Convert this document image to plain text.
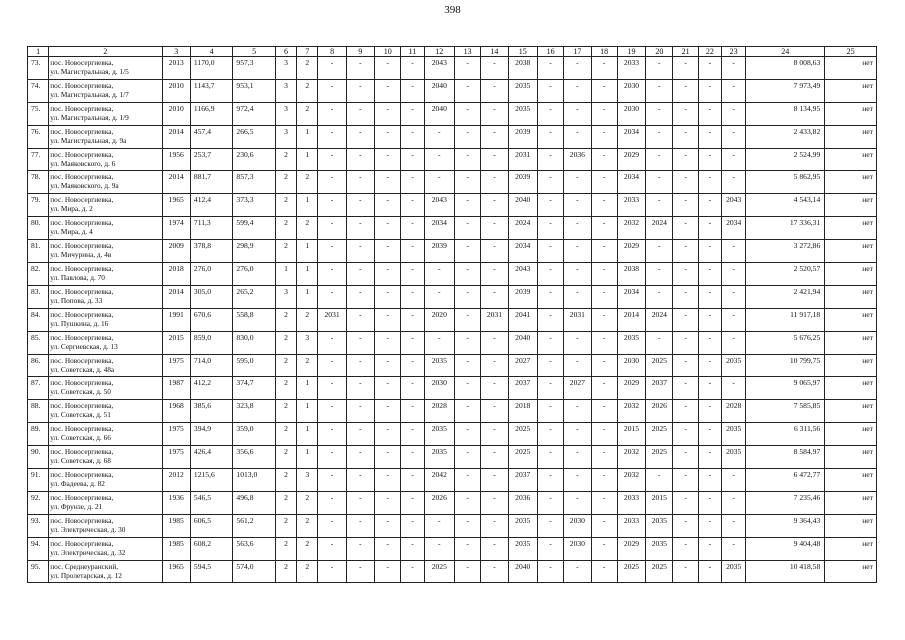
398
1	2	3	4	5	6	7	8	9	10	11	12	13	14	15	16	17	18	19	20	21	22	23	24	25
73.	пос. Новосергиевка,
ул. Магистральная, д. 1/5	2013	1170,0	957,3	3	2	-	-	-	-	2043	-	-	2038	-	-	-	2033	-	-	-	-	8 008,63	нет
74.	пос. Новосергиевка,
ул. Магистральная, д. 1/7	2010	1143,7	953,1	3	2	-	-	-	-	2040	-	-	2035	-	-	-	2030	-	-	-	-	7 973,49	нет
75.	пос. Новосергиевка,
ул. Магистральная, д. 1/9	2010	1166,9	972,4	3	2	-	-	-	-	2040	-	-	2035	-	-	-	2030	-	-	-	-	8 134,95	нет
76.	пос. Новосергиевка,
ул. Магистральная, д. 9а	2014	457,4	266,5	3	1	-	-	-	-	-	-	-	2039	-	-	-	2034	-	-	-	-	2 433,82	нет
77.	пос. Новосергиевка,
ул. Маяковского, д. 6	1956	253,7	230,6	2	1	-	-	-	-	-	-	-	2031	-	2036	-	2029	-	-	-	-	2 524,99	нет
78.	пос. Новосергиевка,
ул. Маяковского, д. 9а	2014	881,7	857,3	2	2	-	-	-	-	-	-	-	2039	-	-	-	2034	-	-	-	-	5 862,95	нет
79.	пос. Новосергиевка,
ул. Мира, д. 2	1965	412,4	373,3	2	1	-	-	-	-	2043	-	-	2040	-	-	-	2033	-	-	-	2043	4 543,14	нет
80.	пос. Новосергиевка,
ул. Мира, д. 4	1974	711,3	599,4	2	2	-	-	-	-	2034	-	-	2024	-	-	-	2032	2024	-	-	2034	17 336,31	нет
81.	пос. Новосергиевка,
ул. Мичурина, д. 4в	2009	378,8	298,9	2	1	-	-	-	-	2039	-	-	2034	-	-	-	2029	-	-	-	-	3 272,86	нет
82.	пос. Новосергиевка,
ул. Павлова, д. 70	2018	276,0	276,0	1	1	-	-	-	-	-	-	-	2043	-	-	-	2038	-	-	-	-	2 520,57	нет
83.	пос. Новосергиевка,
ул. Попова, д. 33	2014	305,0	265,2	3	1	-	-	-	-	-	-	-	2039	-	-	-	2034	-	-	-	-	2 421,94	нет
84.	пос. Новосергиевка,
ул. Пушкина, д. 16	1991	670,6	558,8	2	2	2031	-	-	-	2020	-	2031	2041	-	2031	-	2014	2024	-	-	-	11 917,18	нет
85.	пос. Новосергиевка,
ул. Сергиевская, д. 13	2015	859,0	830,0	2	3	-	-	-	-	-	-	-	2040	-	-	-	2035	-	-	-	-	5 676,25	нет
86.	пос. Новосергиевка,
ул. Советская, д. 48а	1975	714,0	595,0	2	2	-	-	-	-	2035	-	-	2027	-	-	-	2030	2025	-	-	2035	10 799,75	нет
87.	пос. Новосергиевка,
ул. Советская, д. 50	1987	412,2	374,7	2	1	-	-	-	-	2030	-	-	2037	-	2027	-	2029	2037	-	-	-	9 065,97	нет
88.	пос. Новосергиевка,
ул. Советская, д. 51	1968	385,6	323,8	2	1	-	-	-	-	2028	-	-	2018	-	-	-	2032	2026	-	-	2028	7 585,85	нет
89.	пос. Новосергиевка,
ул. Советская, д. 66	1975	394,9	359,0	2	1	-	-	-	-	2035	-	-	2025	-	-	-	2015	2025	-	-	2035	6 311,56	нет
90.	пос. Новосергиевка,
ул. Советская, д. 68	1975	426,4	356,6	2	1	-	-	-	-	2035	-	-	2025	-	-	-	2032	2025	-	-	2035	8 584,97	нет
91.	пос. Новосергиевка,
ул. Фадеева, д. 82	2012	1215,6	1013,0	2	3	-	-	-	-	2042	-	-	2037	-	-	-	2032	-	-	-	-	6 472,77	нет
92.	пос. Новосергиевка,
ул. Фрунзе, д. 21	1936	546,5	496,8	2	2	-	-	-	-	2026	-	-	2036	-	-	-	2033	2015	-	-	-	7 235,46	нет
93.	пос. Новосергиевка,
ул. Электрическая, д. 30	1985	606,5	561,2	2	2	-	-	-	-	-	-	-	2035	-	2030	-	2033	2035	-	-	-	9 364,43	нет
94.	пос. Новосергиевка,
ул. Электрическая, д. 32	1985	608,2	563,6	2	2	-	-	-	-	-	-	-	2035	-	2030	-	2029	2035	-	-	-	9 404,48	нет
95.	пос. Среднеуранский,
ул. Пролетарская, д. 12	1965	594,5	574,0	2	2	-	-	-	-	2025	-	-	2040	-	-	-	2025	2025	-	-	2035	10 418,58	нет
